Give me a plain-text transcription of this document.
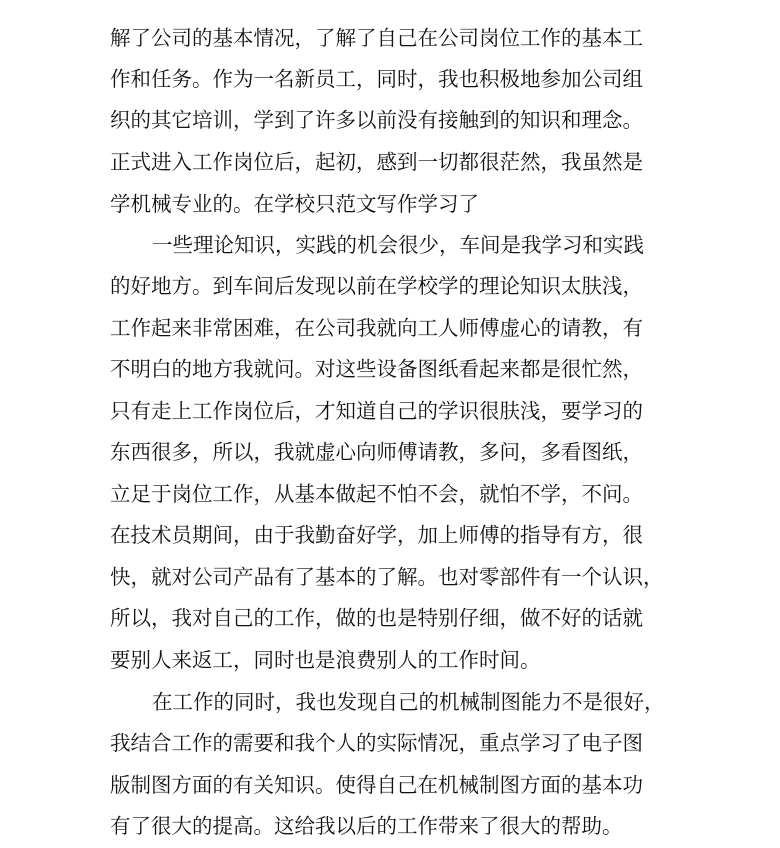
解了公司的基本情况，了解了自己在公司岗位工作的基本工
作和任务。作为一名新员工，同时，我也积极地参加公司组
织的其它培训，学到了许多以前没有接触到的知识和理念。
正式进入工作岗位后，起初，感到一切都很茫然，我虽然是
学机械专业的。在学校只范文写作学习了
一些理论知识，实践的机会很少，车间是我学习和实践
的好地方。到车间后发现以前在学校学的理论知识太肤浅，
工作起来非常困难，在公司我就向工人师傅虚心的请教，有
不明白的地方我就问。对这些设备图纸看起来都是很忙然，
只有走上工作岗位后，才知道自己的学识很肤浅，要学习的
东西很多，所以，我就虚心向师傅请教，多问，多看图纸，
立足于岗位工作，从基本做起不怕不会，就怕不学，不问。
在技术员期间，由于我勤奋好学，加上师傅的指导有方，很
快，就对公司产品有了基本的了解。也对零部件有一个认识，
所以，我对自己的工作，做的也是特别仔细，做不好的话就
要别人来返工，同时也是浪费别人的工作时间。
在工作的同时，我也发现自己的机械制图能力不是很好，
我结合工作的需要和我个人的实际情况，重点学习了电子图
版制图方面的有关知识。使得自己在机械制图方面的基本功
有了很大的提高。这给我以后的工作带来了很大的帮助。
